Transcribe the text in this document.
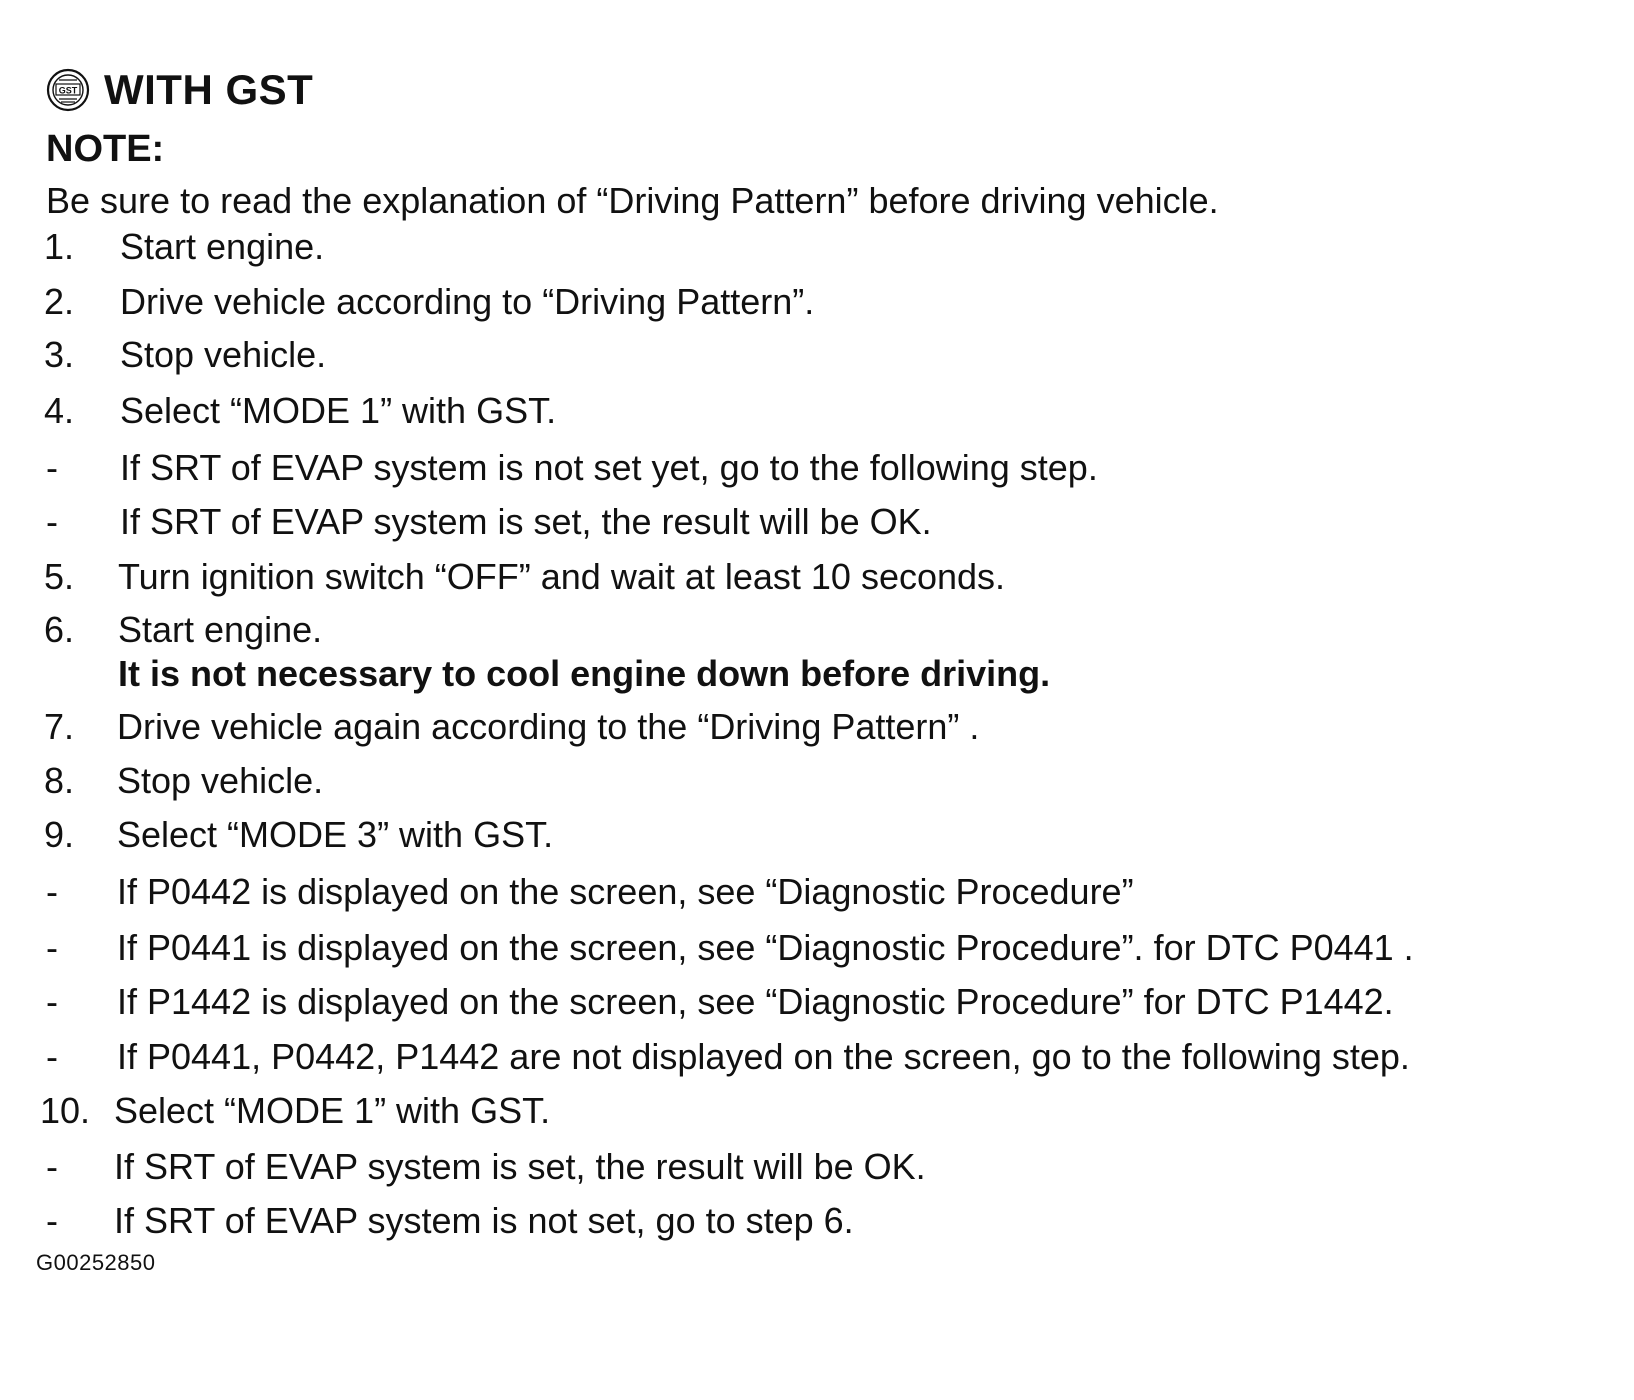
GST WITH GST
NOTE:
Be sure to read the explanation of “Driving Pattern” before driving vehicle.
1. Start engine.
2. Drive vehicle according to “Driving Pattern”.
3. Stop vehicle.
4. Select “MODE 1” with GST.
- If SRT of EVAP system is not set yet, go to the following step.
- If SRT of EVAP system is set, the result will be OK.
5. Turn ignition switch “OFF” and wait at least 10 seconds.
6. Start engine.
It is not necessary to cool engine down before driving.
7. Drive vehicle again according to the “Driving Pattern” .
8. Stop vehicle.
9. Select “MODE 3” with GST.
- If P0442 is displayed on the screen, see “Diagnostic Procedure”
- If P0441 is displayed on the screen, see “Diagnostic Procedure”. for DTC P0441 .
- If P1442 is displayed on the screen, see “Diagnostic Procedure” for DTC P1442.
- If P0441, P0442, P1442 are not displayed on the screen, go to the following step.
10. Select “MODE 1” with GST.
- If SRT of EVAP system is set, the result will be OK.
- If SRT of EVAP system is not set, go to step 6.
G00252850
